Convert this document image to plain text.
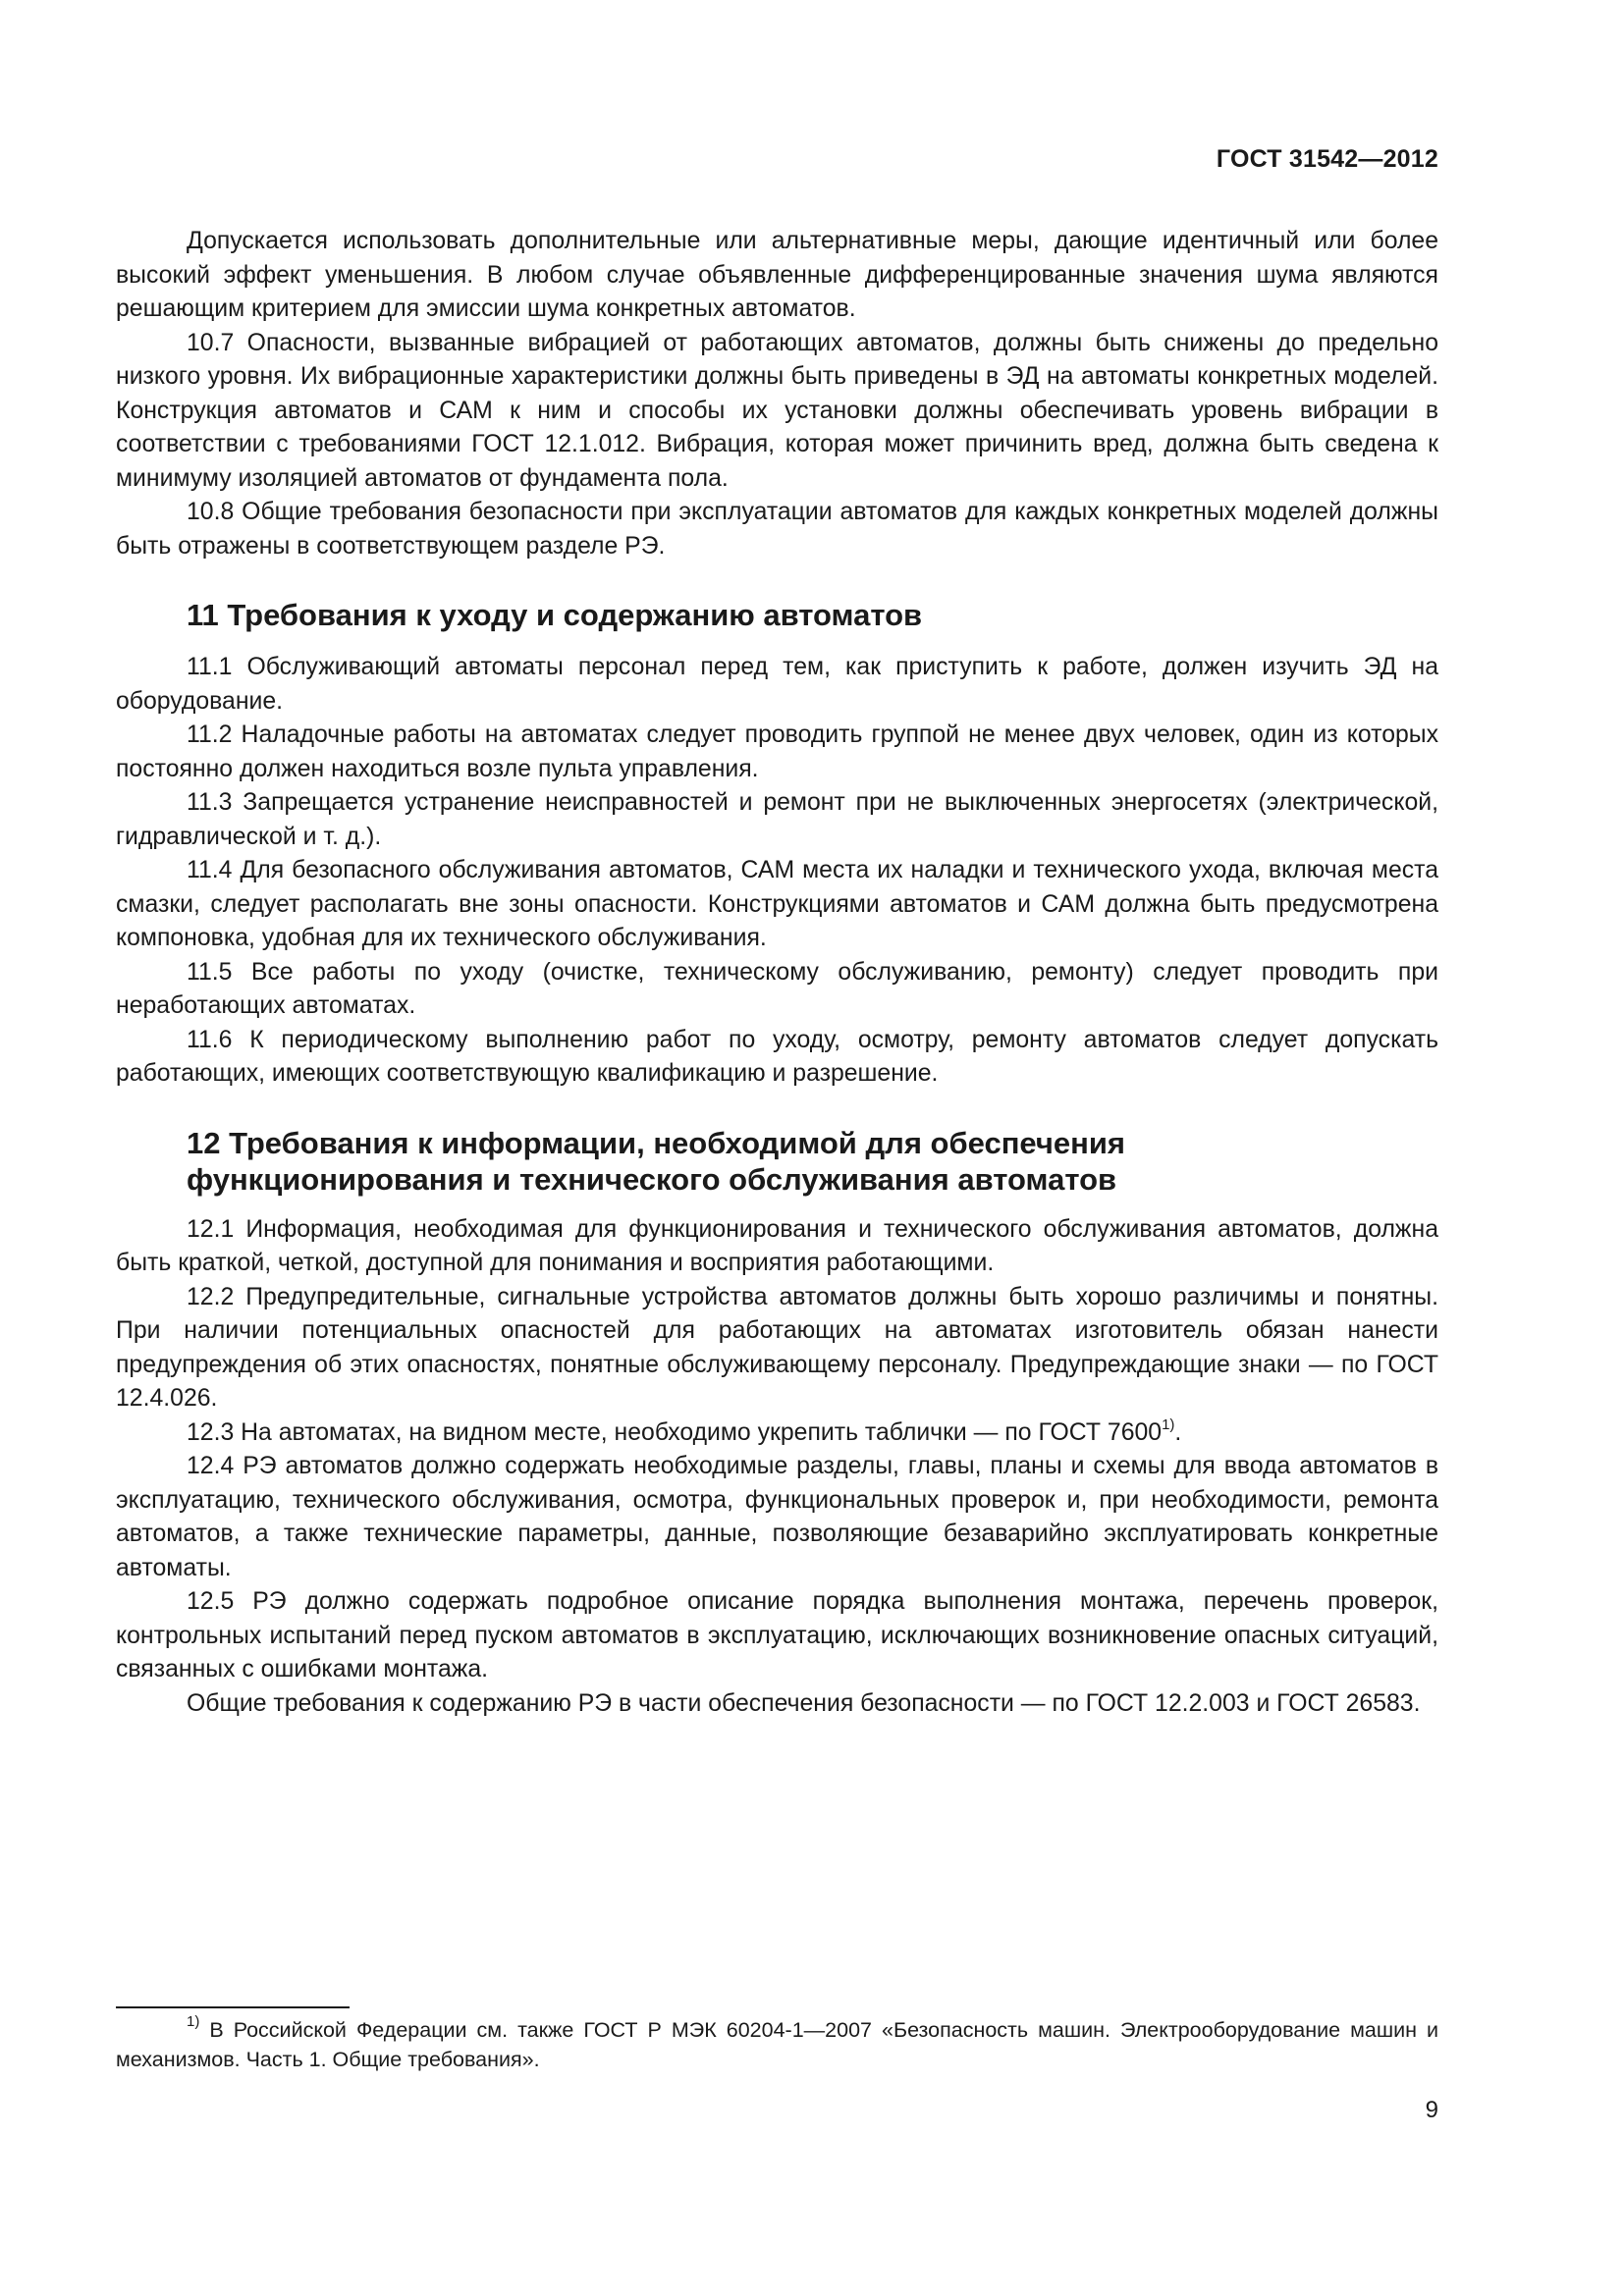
ГОСТ 31542—2012

Допускается использовать дополнительные или альтернативные меры, дающие идентичный или более высокий эффект уменьшения. В любом случае объявленные дифференцированные значения шума являются решающим критерием для эмиссии шума конкретных автоматов.

10.7 Опасности, вызванные вибрацией от работающих автоматов, должны быть снижены до предельно низкого уровня. Их вибрационные характеристики должны быть приведены в ЭД на автоматы конкретных моделей. Конструкция автоматов и САМ к ним и способы их установки должны обеспечивать уровень вибрации в соответствии с требованиями ГОСТ 12.1.012. Вибрация, которая может причинить вред, должна быть сведена к минимуму изоляцией автоматов от фундамента пола.

10.8 Общие требования безопасности при эксплуатации автоматов для каждых конкретных моделей должны быть отражены в соответствующем разделе РЭ.

11 Требования к уходу и содержанию автоматов

11.1 Обслуживающий автоматы персонал перед тем, как приступить к работе, должен изучить ЭД на оборудование.

11.2 Наладочные работы на автоматах следует проводить группой не менее двух человек, один из которых постоянно должен находиться возле пульта управления.

11.3 Запрещается устранение неисправностей и ремонт при не выключенных энергосетях (электрической, гидравлической и т. д.).

11.4 Для безопасного обслуживания автоматов, САМ места их наладки и технического ухода, включая места смазки, следует располагать вне зоны опасности. Конструкциями автоматов и САМ должна быть предусмотрена компоновка, удобная для их технического обслуживания.

11.5 Все работы по уходу (очистке, техническому обслуживанию, ремонту) следует проводить при неработающих автоматах.

11.6 К периодическому выполнению работ по уходу, осмотру, ремонту автоматов следует допускать работающих, имеющих соответствующую квалификацию и разрешение.

12 Требования к информации, необходимой для обеспечения
функционирования и технического обслуживания автоматов

12.1 Информация, необходимая для функционирования и технического обслуживания автоматов, должна быть краткой, четкой, доступной для понимания и восприятия работающими.

12.2 Предупредительные, сигнальные устройства автоматов должны быть хорошо различимы и понятны. При наличии потенциальных опасностей для работающих на автоматах изготовитель обязан нанести предупреждения об этих опасностях, понятные обслуживающему персоналу. Предупреждающие знаки — по ГОСТ 12.4.026.

12.3 На автоматах, на видном месте, необходимо укрепить таблички — по ГОСТ 7600$^{1)}$.

12.4 РЭ автоматов должно содержать необходимые разделы, главы, планы и схемы для ввода автоматов в эксплуатацию, технического обслуживания, осмотра, функциональных проверок и, при необходимости, ремонта автоматов, а также технические параметры, данные, позволяющие безаварийно эксплуатировать конкретные автоматы.

12.5 РЭ должно содержать подробное описание порядка выполнения монтажа, перечень проверок, контрольных испытаний перед пуском автоматов в эксплуатацию, исключающих возникновение опасных ситуаций, связанных с ошибками монтажа.

Общие требования к содержанию РЭ в части обеспечения безопасности — по ГОСТ 12.2.003 и ГОСТ 26583.

$^{1)}$ В Российской Федерации см. также ГОСТ Р МЭК 60204-1—2007 «Безопасность машин. Электрооборудование машин и механизмов. Часть 1. Общие требования».
9
